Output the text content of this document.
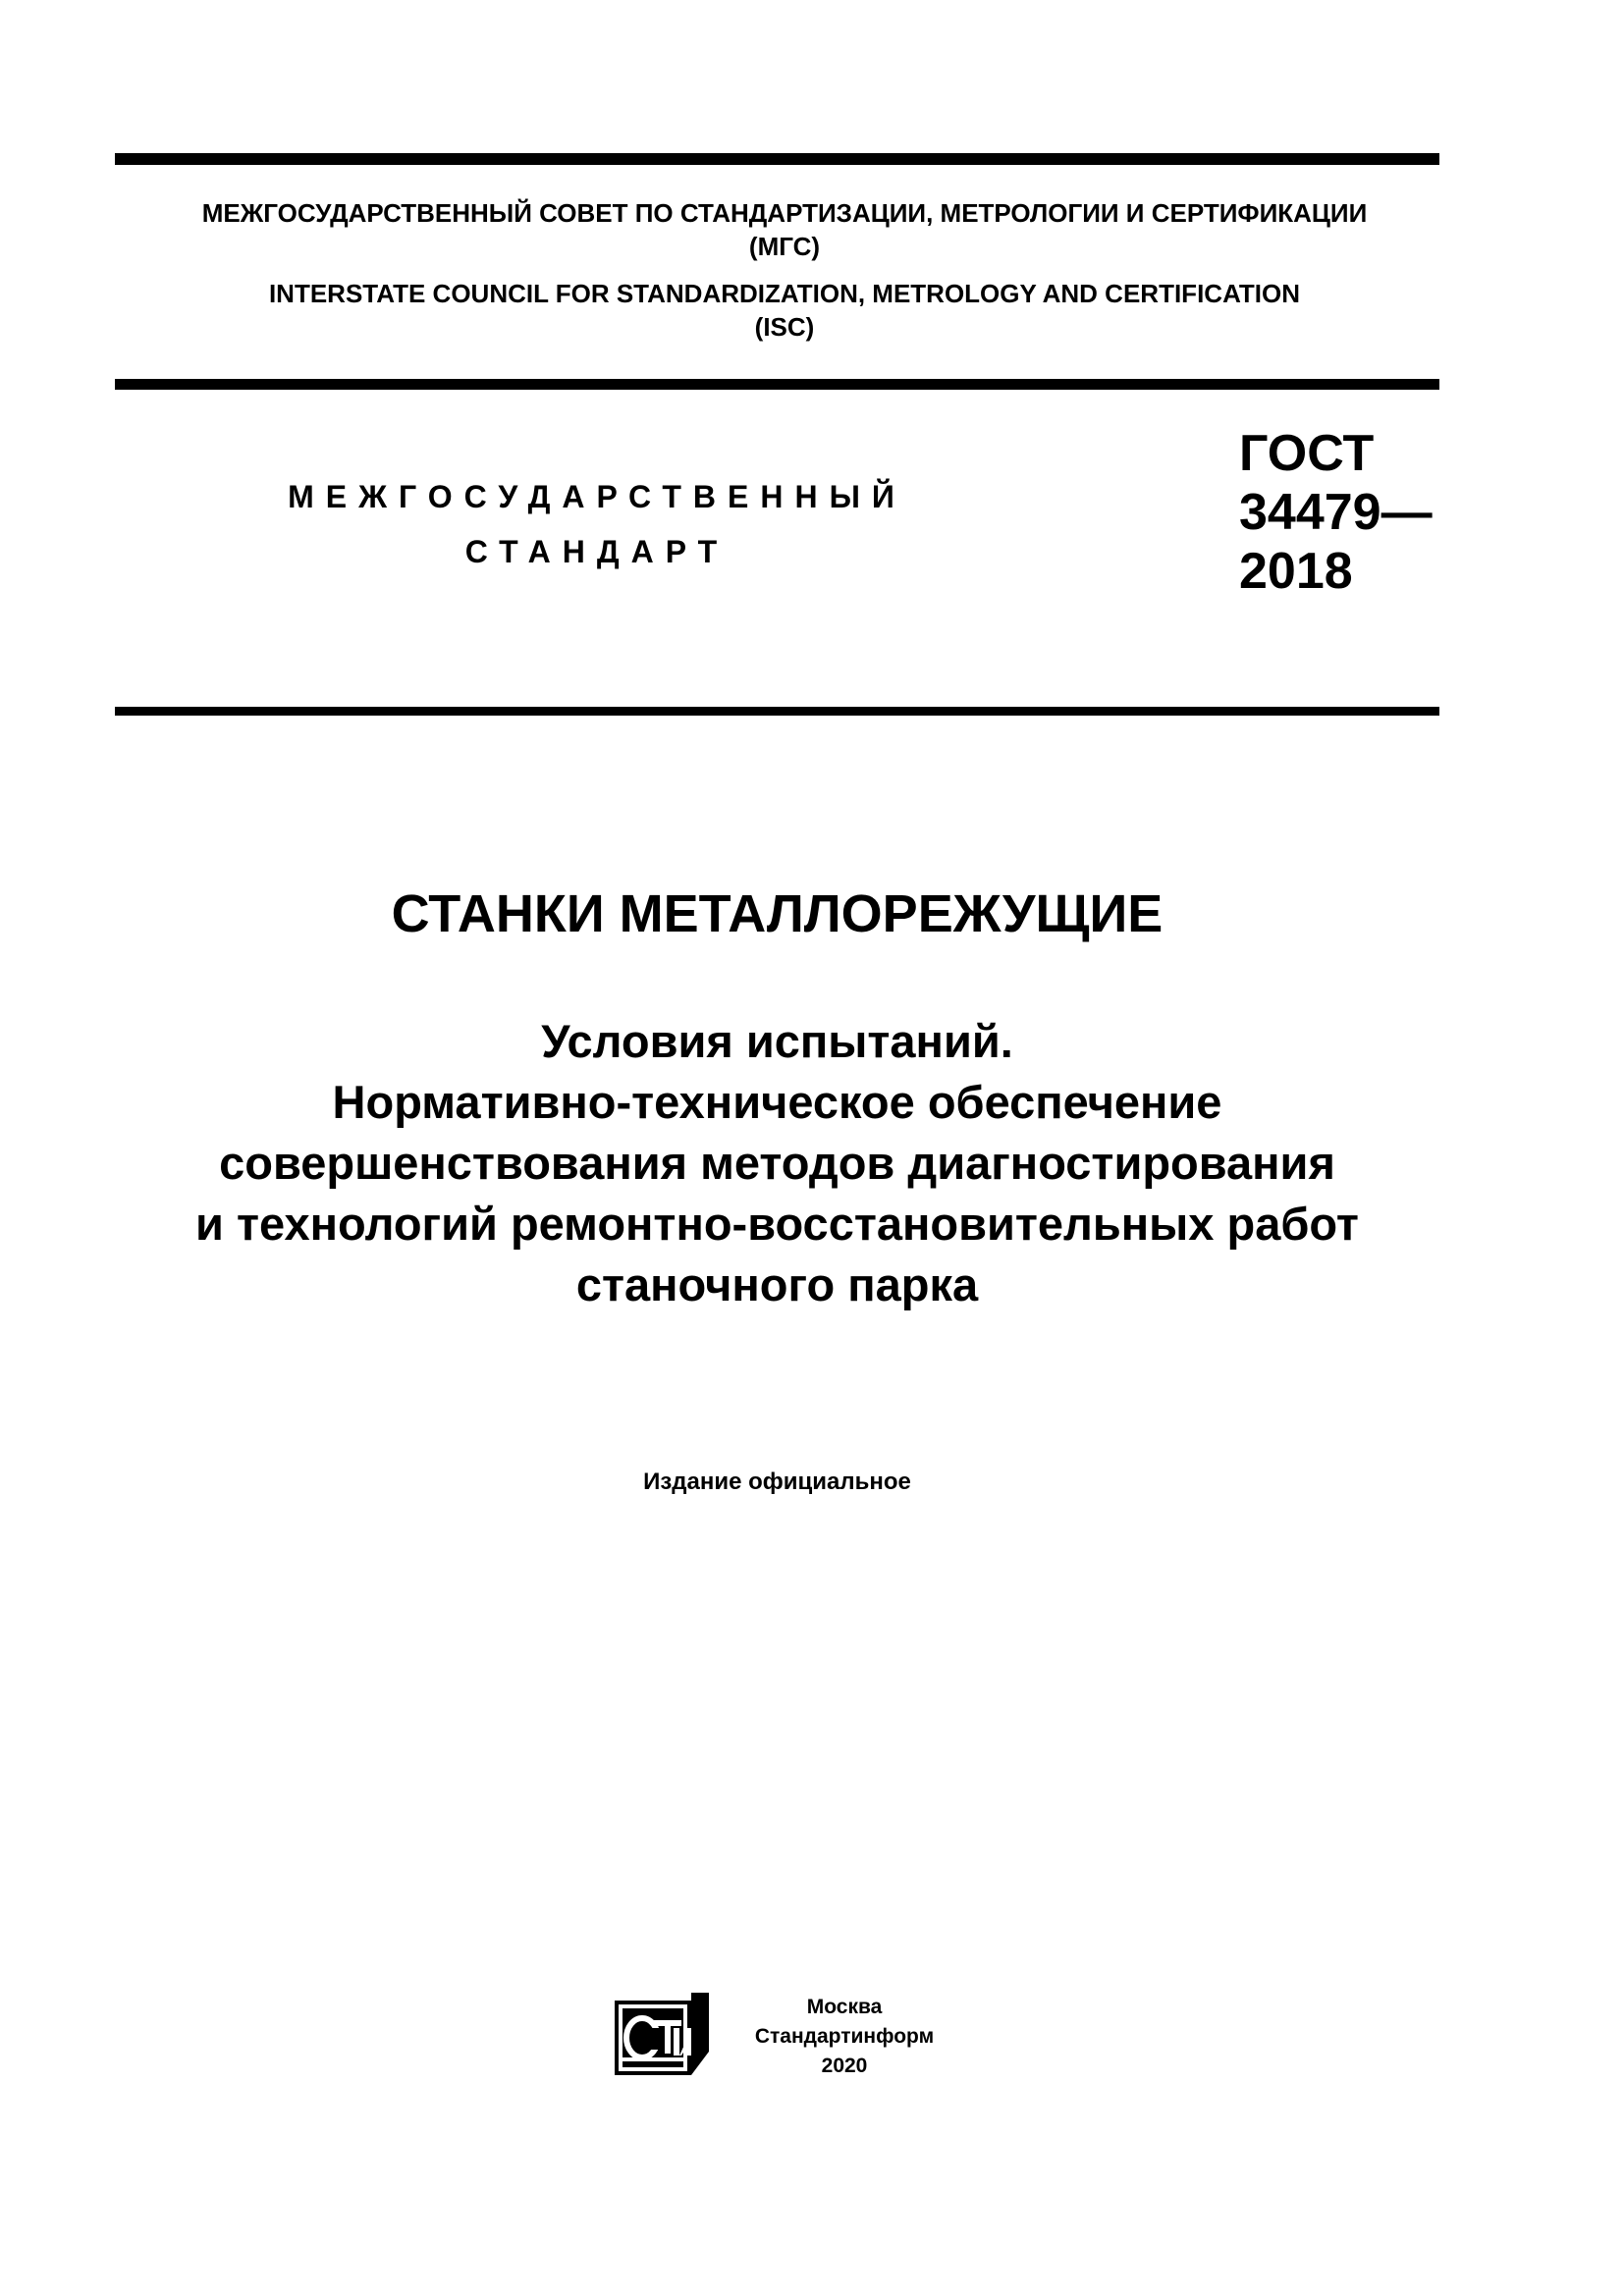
МЕЖГОСУДАРСТВЕННЫЙ СОВЕТ ПО СТАНДАРТИЗАЦИИ, МЕТРОЛОГИИ И СЕРТИФИКАЦИИ
(МГС)
INTERSTATE COUNCIL FOR STANDARDIZATION, METROLOGY AND CERTIFICATION
(ISC)
МЕЖГОСУДАРСТВЕННЫЙ
СТАНДАРТ
ГОСТ
34479—
2018
СТАНКИ МЕТАЛЛОРЕЖУЩИЕ
Условия испытаний.
Нормативно-техническое обеспечение
совершенствования методов диагностирования
и технологий ремонтно-восстановительных работ
станочного парка
Издание официальное
Москва
Стандартинформ
2020
